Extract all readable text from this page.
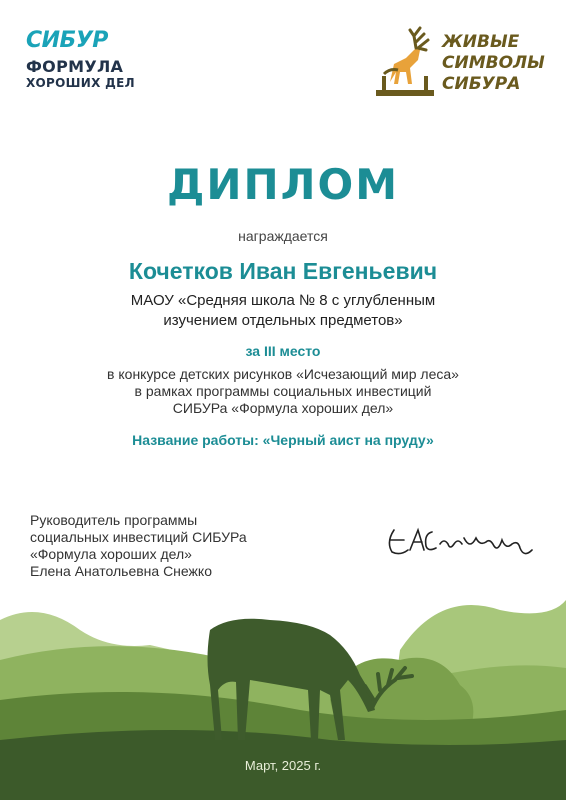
СИБУР
ФОРМУЛА
ХОРОШИХ ДЕЛ
ЖИВЫЕ
СИМВОЛЫ
СИБУРА
ДИПЛОМ
награждается
Кочетков Иван Евгеньевич
МАОУ «Средняя школа № 8 с углубленным
изучением отдельных предметов»
за III место
в конкурсе детских рисунков «Исчезающий мир леса»
в рамках программы социальных инвестиций
СИБУРа «Формула хороших дел»
Название работы: «Черный аист на пруду»
Руководитель программы
социальных инвестиций СИБУРа
«Формула хороших дел»
Елена Анатольевна Снежко
Март, 2025 г.
